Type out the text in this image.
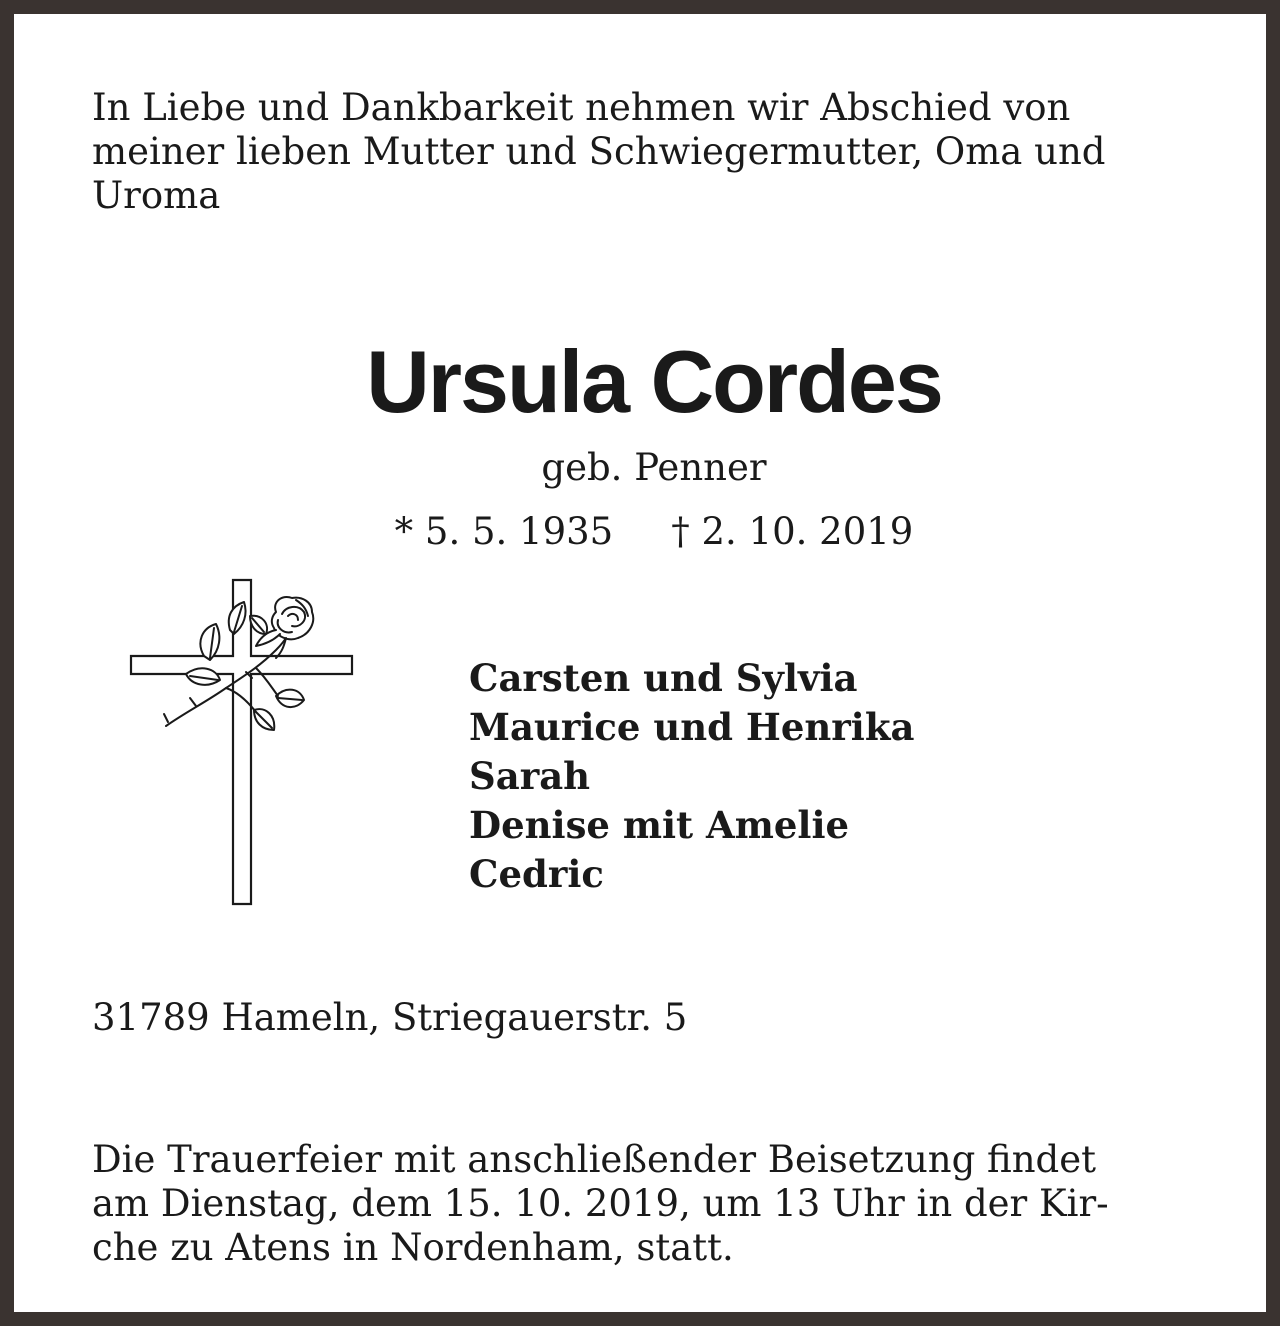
In Liebe und Dankbarkeit nehmen wir Abschied von
meiner lieben Mutter und Schwiegermutter, Oma und
Uroma
Ursula Cordes
geb. Penner
* 5. 5. 1935 † 2. 10. 2019
Carsten und Sylvia
Maurice und Henrika
Sarah
Denise mit Amelie
Cedric
31789 Hameln, Striegauerstr. 5
Die Trauerfeier mit anschließender Beisetzung findet
am Dienstag, dem 15. 10. 2019, um 13 Uhr in der Kir-
che zu Atens in Nordenham, statt.
